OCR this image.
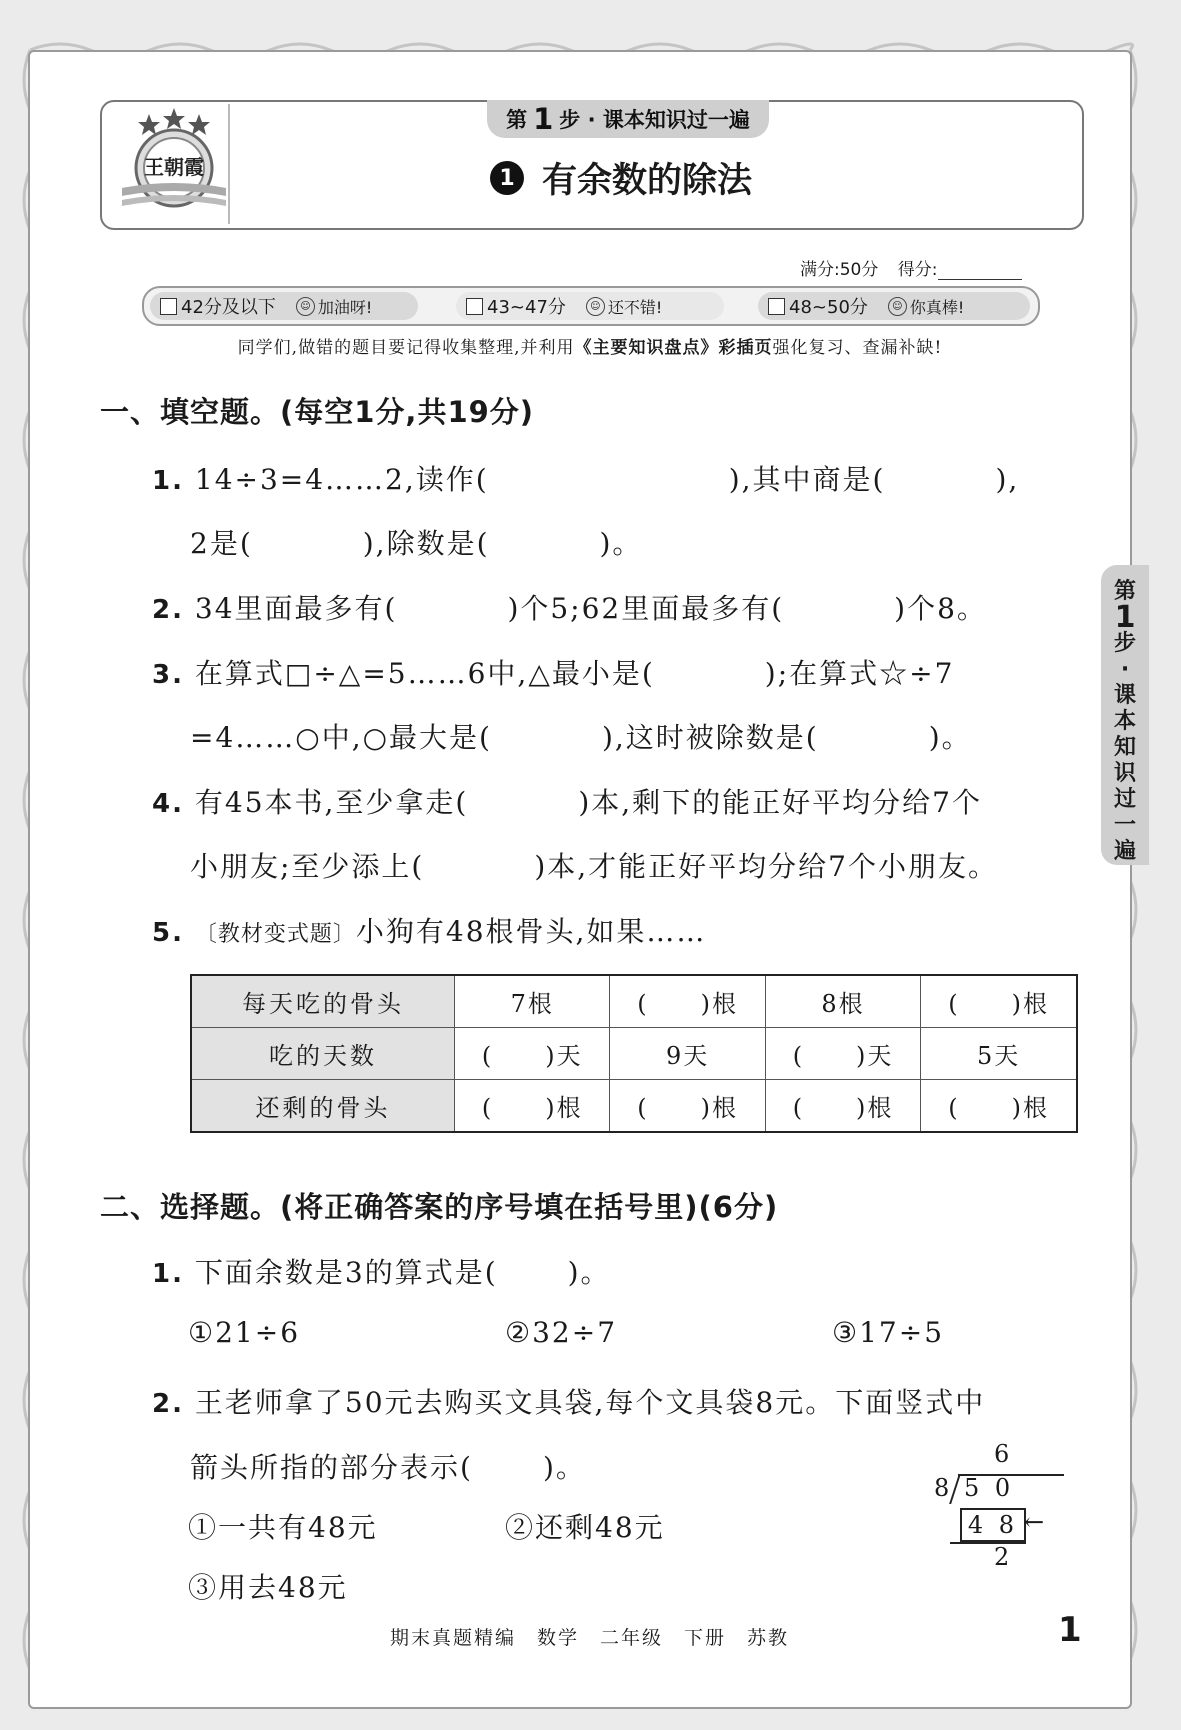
王朝霞
第 1 步 · 课本知识过一遍
1 有余数的除法
满分:50分 得分:
42分及以下	☺ 加油呀!	43~47分	☺ 还不错!	48~50分	☺ 你真棒!
同学们,做错的题目要记得收集整理,并利用《主要知识盘点》彩插页强化复习、查漏补缺!
一、填空题。(每空1分,共19分)
1. 14÷3=4……2,读作(	),其中商是(	),
2是(	),除数是(	)。
2. 34里面最多有(	)个5;62里面最多有(	)个8。
3. 在算式□÷△=5……6中,△最小是(	);在算式☆÷7
=4……○中,○最大是(	),这时被除数是(	)。
4. 有45本书,至少拿走(	)本,剩下的能正好平均分给7个
小朋友;至少添上(	)本,才能正好平均分给7个小朋友。
5. 〔教材变式题〕小狗有48根骨头,如果……
每天吃的骨头	7根	(　　)根	8根	(　　)根
吃的天数	(　　)天	9天	(　　)天	5天
还剩的骨头	(　　)根	(　　)根	(　　)根	(　　)根
二、选择题。(将正确答案的序号填在括号里)(6分)
1. 下面余数是3的算式是(	)。
①21÷6	②32÷7	③17÷5
2. 王老师拿了50元去购买文具袋,每个文具袋8元。下面竖式中
箭头所指的部分表示(	)。
①一共有48元	②还剩48元
③用去48元
6
8 5 0
4 8 ←
2
第
1
步·课本知识过一遍
期末真题精编　数学　二年级　下册　苏教	1
